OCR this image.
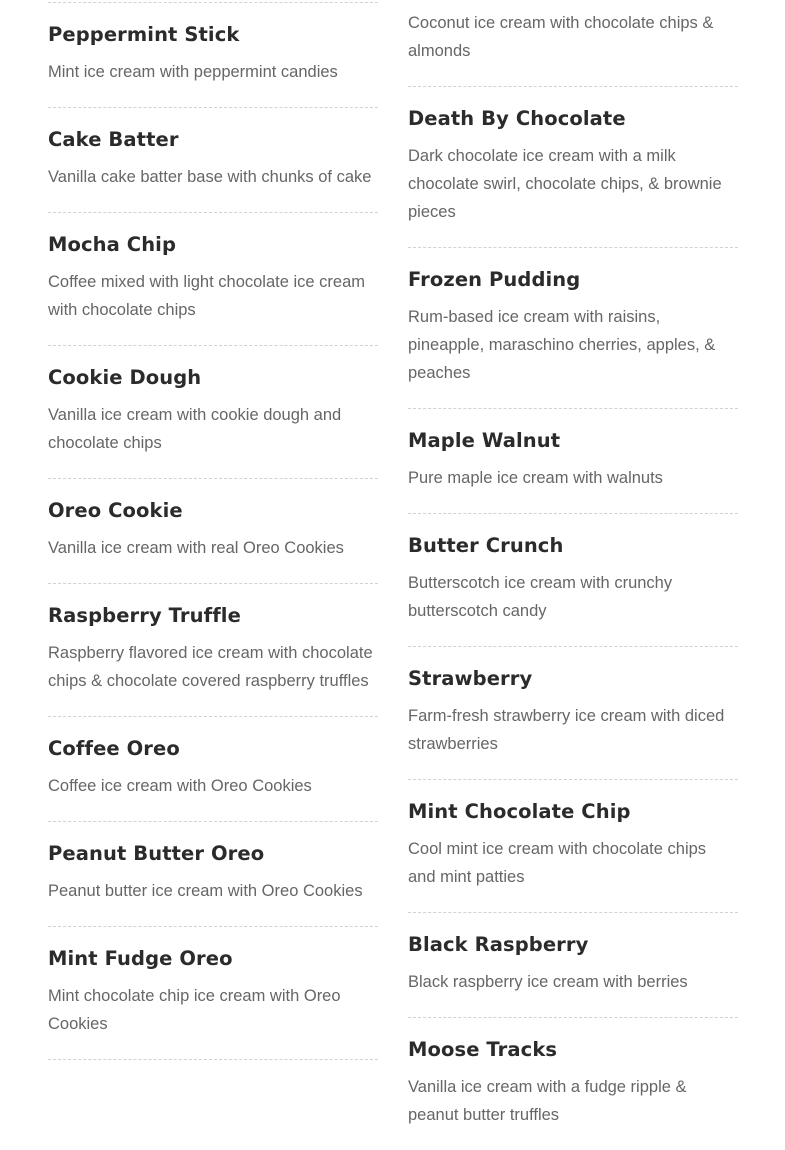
Peppermint Stick

Mint ice cream with peppermint candies

Cake Batter

Vanilla cake batter base with chunks of cake

Mocha Chip

Coffee mixed with light chocolate ice cream with chocolate chips

Cookie Dough

Vanilla ice cream with cookie dough and chocolate chips

Oreo Cookie

Vanilla ice cream with real Oreo Cookies

Raspberry Truffle

Raspberry flavored ice cream with chocolate chips & chocolate covered raspberry truffles

Coffee Oreo

Coffee ice cream with Oreo Cookies

Peanut Butter Oreo

Peanut butter ice cream with Oreo Cookies

Mint Fudge Oreo

Mint chocolate chip ice cream with Oreo Cookies

Coconut ice cream with chocolate chips & almonds

Death By Chocolate

Dark chocolate ice cream with a milk chocolate swirl, chocolate chips, & brownie pieces

Frozen Pudding

Rum-based ice cream with raisins, pineapple, maraschino cherries, apples, & peaches

Maple Walnut

Pure maple ice cream with walnuts

Butter Crunch

Butterscotch ice cream with crunchy butterscotch candy

Strawberry

Farm-fresh strawberry ice cream with diced strawberries

Mint Chocolate Chip

Cool mint ice cream with chocolate chips and mint patties

Black Raspberry

Black raspberry ice cream with berries

Moose Tracks

Vanilla ice cream with a fudge ripple & peanut butter truffles
